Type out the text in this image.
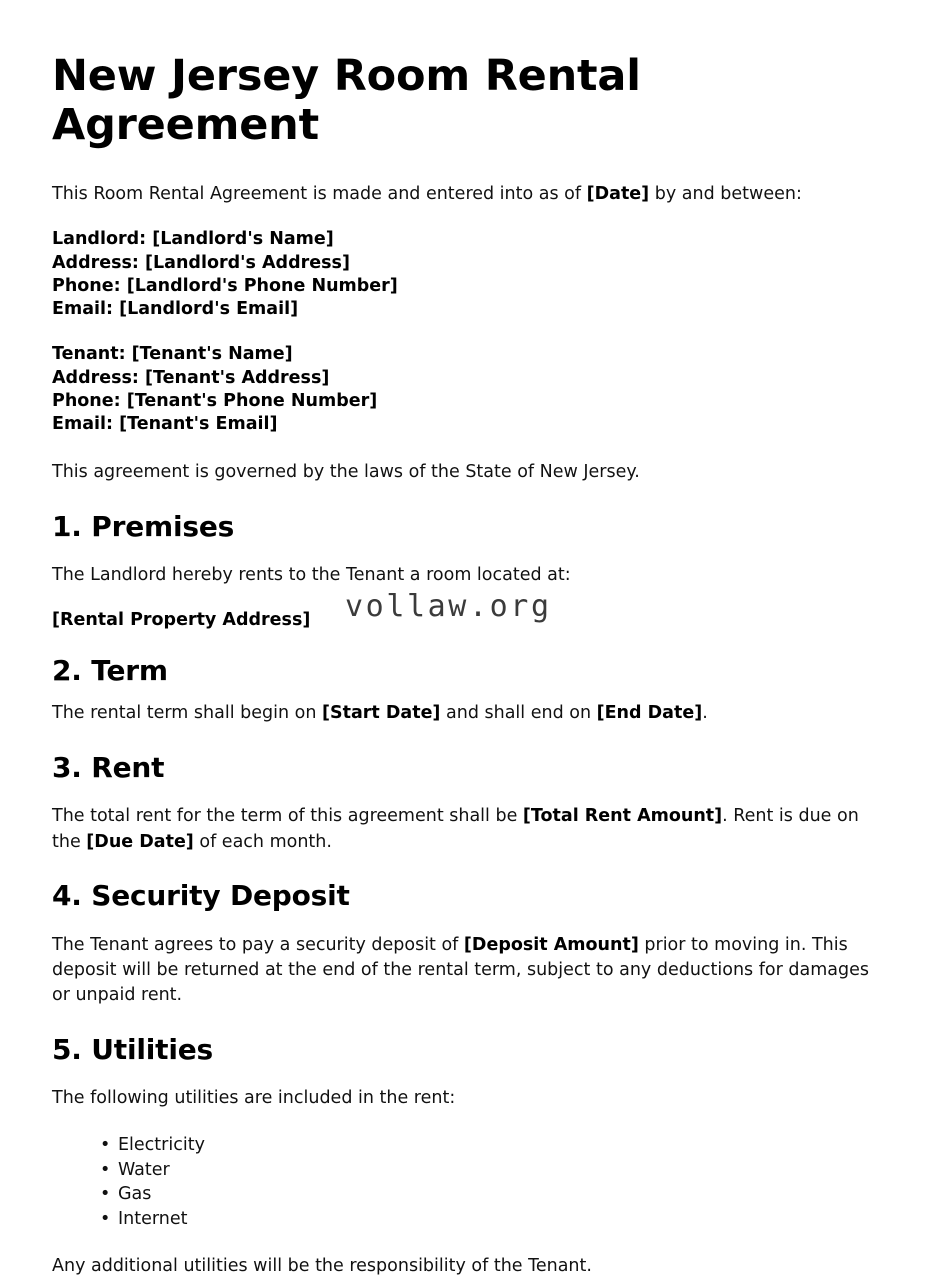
New Jersey Room Rental Agreement

This Room Rental Agreement is made and entered into as of [Date] by and between:

Landlord: [Landlord's Name]
Address: [Landlord's Address]
Phone: [Landlord's Phone Number]
Email: [Landlord's Email]
Tenant: [Tenant's Name]
Address: [Tenant's Address]
Phone: [Tenant's Phone Number]
Email: [Tenant's Email]

This agreement is governed by the laws of the State of New Jersey.

1. Premises

The Landlord hereby rents to the Tenant a room located at:

[Rental Property Address]

2. Term

The rental term shall begin on [Start Date] and shall end on [End Date].

3. Rent

The total rent for the term of this agreement shall be [Total Rent Amount]. Rent is due on the [Due Date] of each month.

4. Security Deposit

The Tenant agrees to pay a security deposit of [Deposit Amount] prior to moving in. This deposit will be returned at the end of the rental term, subject to any deductions for damages or unpaid rent.

5. Utilities

The following utilities are included in the rent:

• Electricity
• Water
• Gas
• Internet

Any additional utilities will be the responsibility of the Tenant.

vollaw.org
